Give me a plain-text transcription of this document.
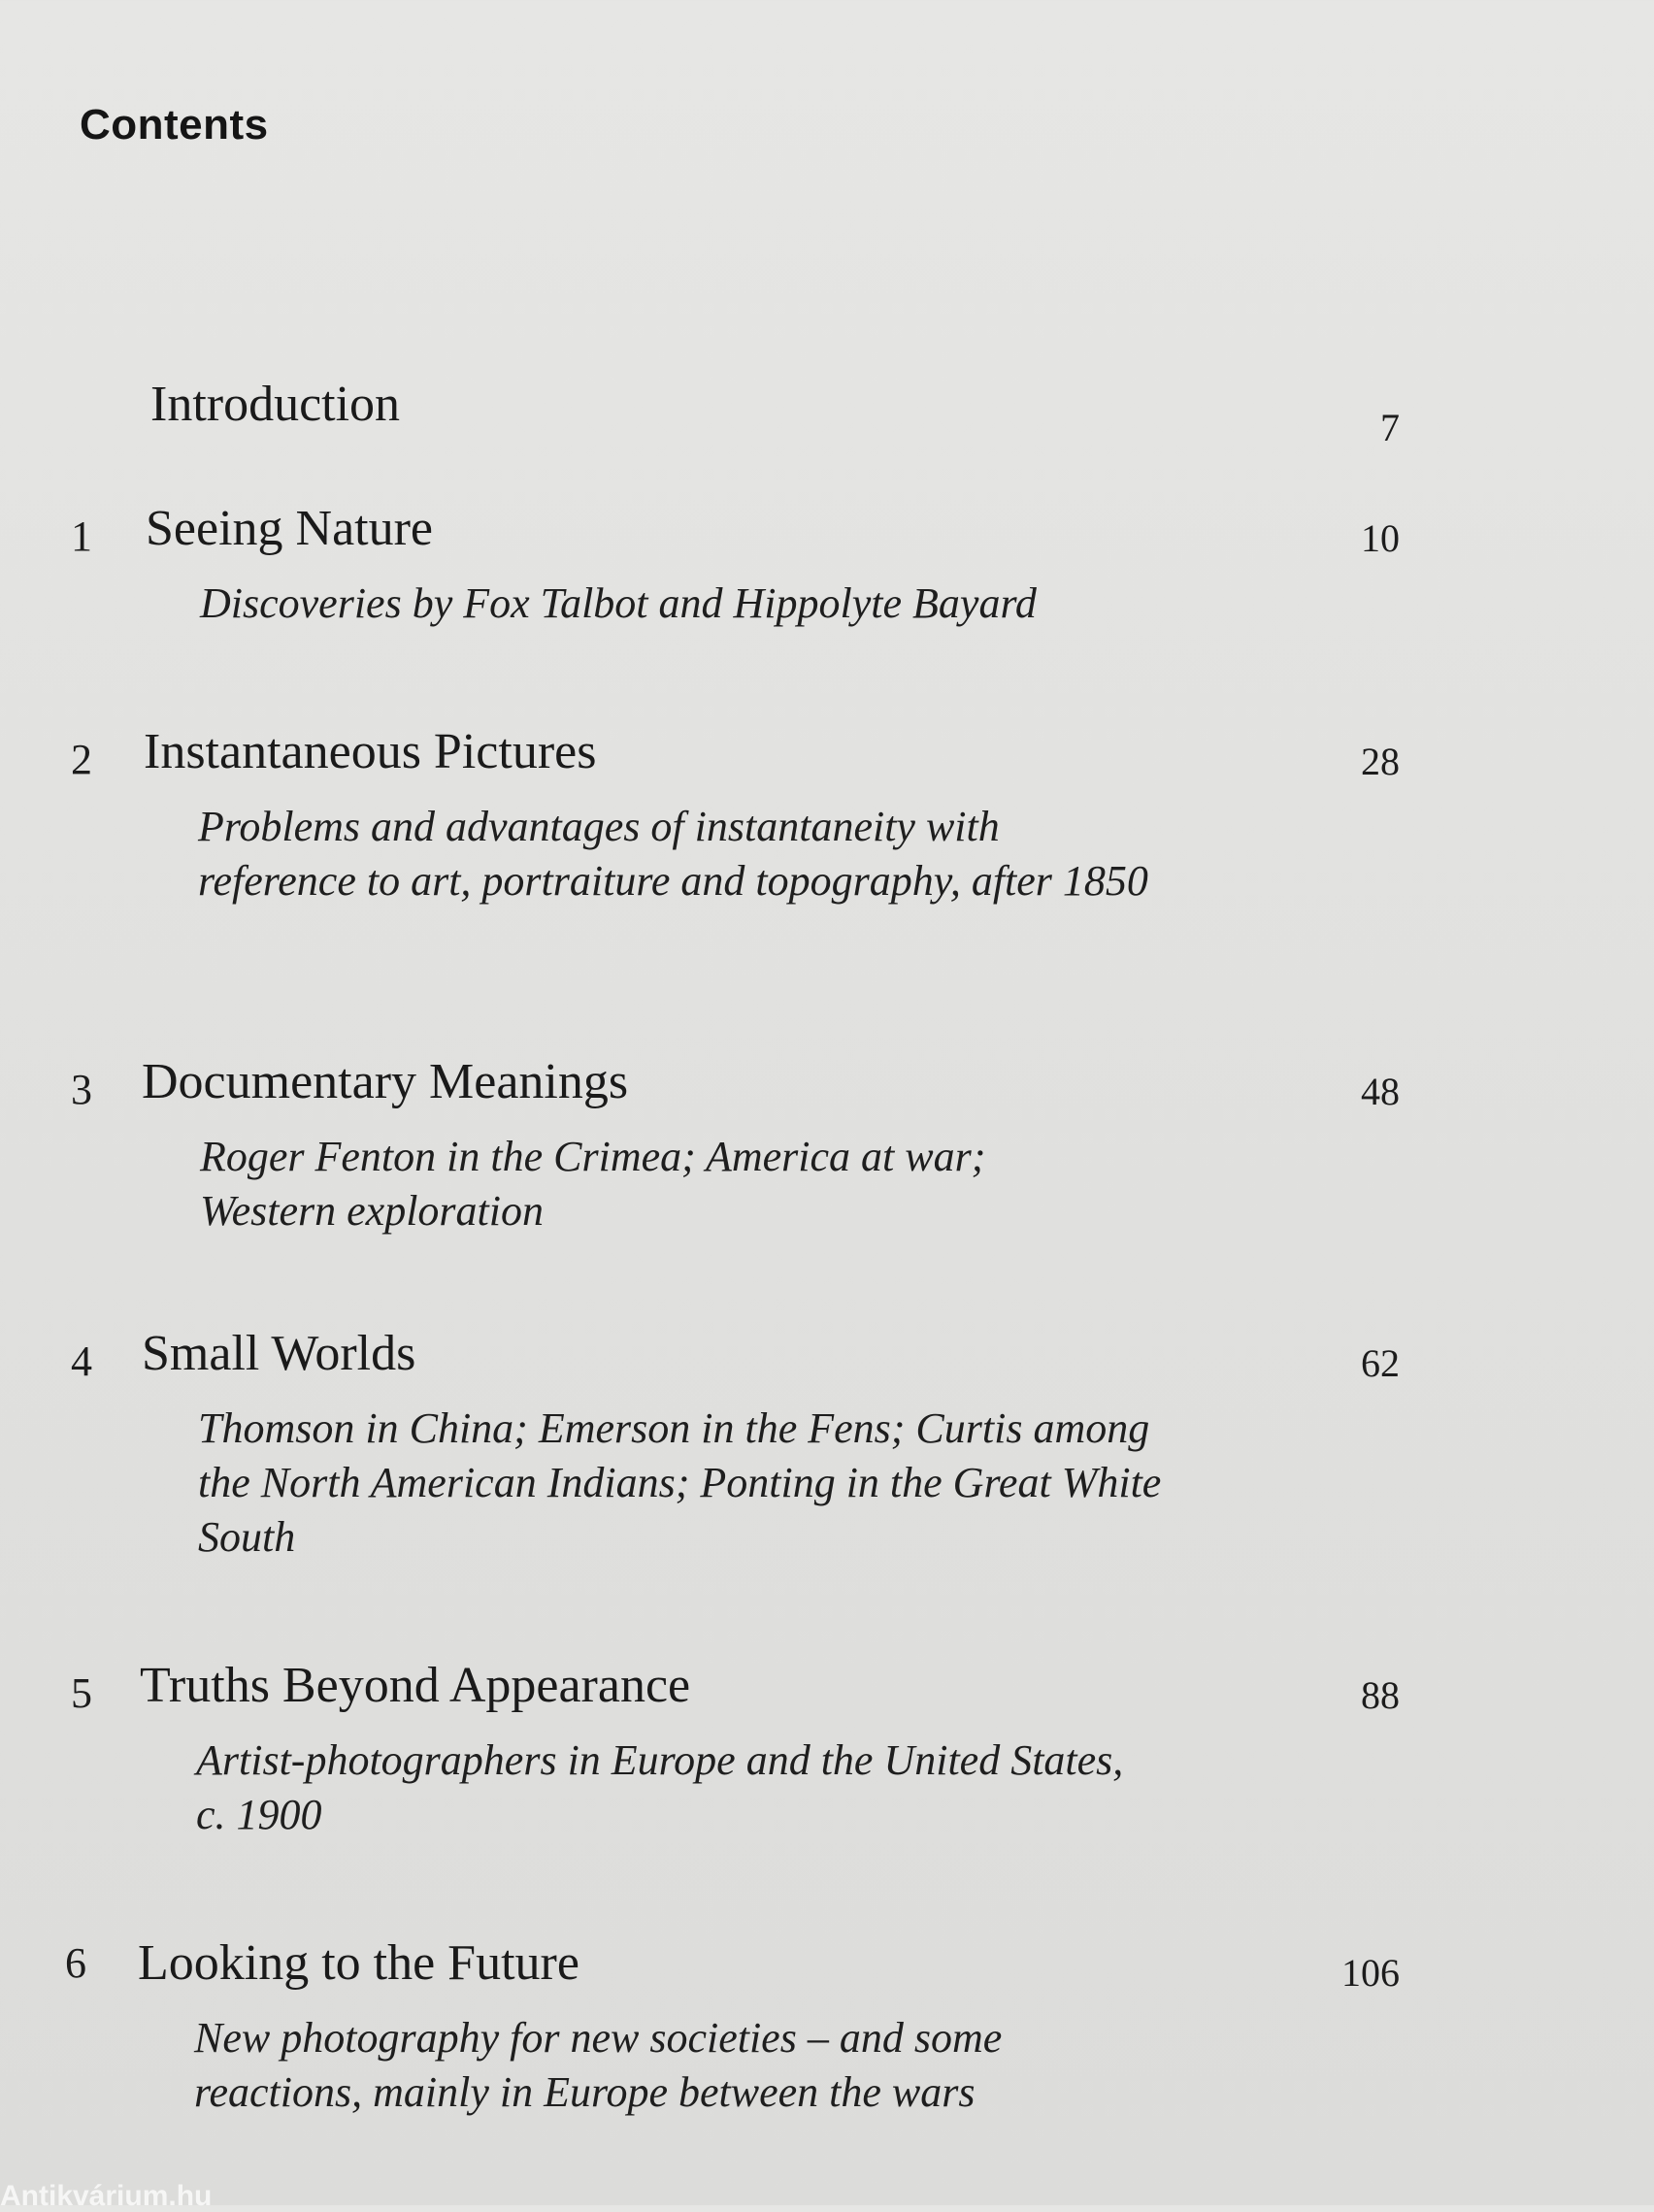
Contents
Introduction	7
1 Seeing Nature	10
Discoveries by Fox Talbot and Hippolyte Bayard
2 Instantaneous Pictures	28
Problems and advantages of instantaneity with reference to art, portraiture and topography, after 1850
3 Documentary Meanings	48
Roger Fenton in the Crimea; America at war; Western exploration
4 Small Worlds	62
Thomson in China; Emerson in the Fens; Curtis among the North American Indians; Ponting in the Great White South
5 Truths Beyond Appearance	88
Artist-photographers in Europe and the United States, c. 1900
6 Looking to the Future	106
New photography for new societies – and some reactions, mainly in Europe between the wars
Antikvárium.hu
